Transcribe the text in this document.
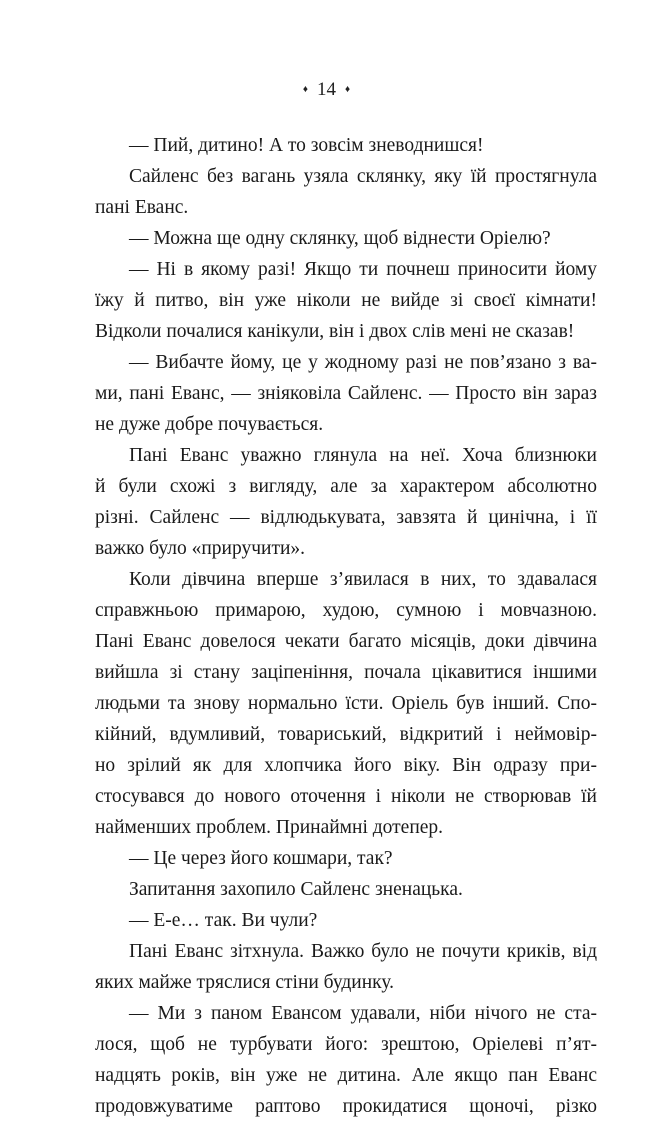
♦ 14 ♦
— Пий, дитино! А то зовсім зневоднишся!
Сайленс без вагань узяла склянку, яку їй простягнула
пані Еванс.
— Можна ще одну склянку, щоб віднести Оріелю?
— Ні в якому разі! Якщо ти почнеш приносити йому
їжу й питво, він уже ніколи не вийде зі своєї кімнати!
Відколи почалися канікули, він і двох слів мені не сказав!
— Вибачте йому, це у жодному разі не пов’язано з ва-
ми, пані Еванс, — зніяковіла Сайленс. — Просто він зараз
не дуже добре почувається.
Пані Еванс уважно глянула на неї. Хоча близнюки
й були схожі з вигляду, але за характером абсолютно
різні. Сайленс — відлюдькувата, завзята й цинічна, і її
важко було «приручити».
Коли дівчина вперше з’явилася в них, то здавалася
справжньою примарою, худою, сумною і мовчазною.
Пані Еванс довелося чекати багато місяців, доки дівчина
вийшла зі стану заціпеніння, почала цікавитися іншими
людьми та знову нормально їсти. Оріель був інший. Спо-
кійний, вдумливий, товариський, відкритий і неймовір-
но зрілий як для хлопчика його віку. Він одразу при-
стосувався до нового оточення і ніколи не створював їй
найменших проблем. Принаймні дотепер.
— Це через його кошмари, так?
Запитання захопило Сайленс зненацька.
— Е-е… так. Ви чули?
Пані Еванс зітхнула. Важко було не почути криків, від
яких майже тряслися стіни будинку.
— Ми з паном Евансом удавали, ніби нічого не ста-
лося, щоб не турбувати його: зрештою, Оріелеві п’ят-
надцять років, він уже не дитина. Але якщо пан Еванс
продовжуватиме раптово прокидатися щоночі, різко
